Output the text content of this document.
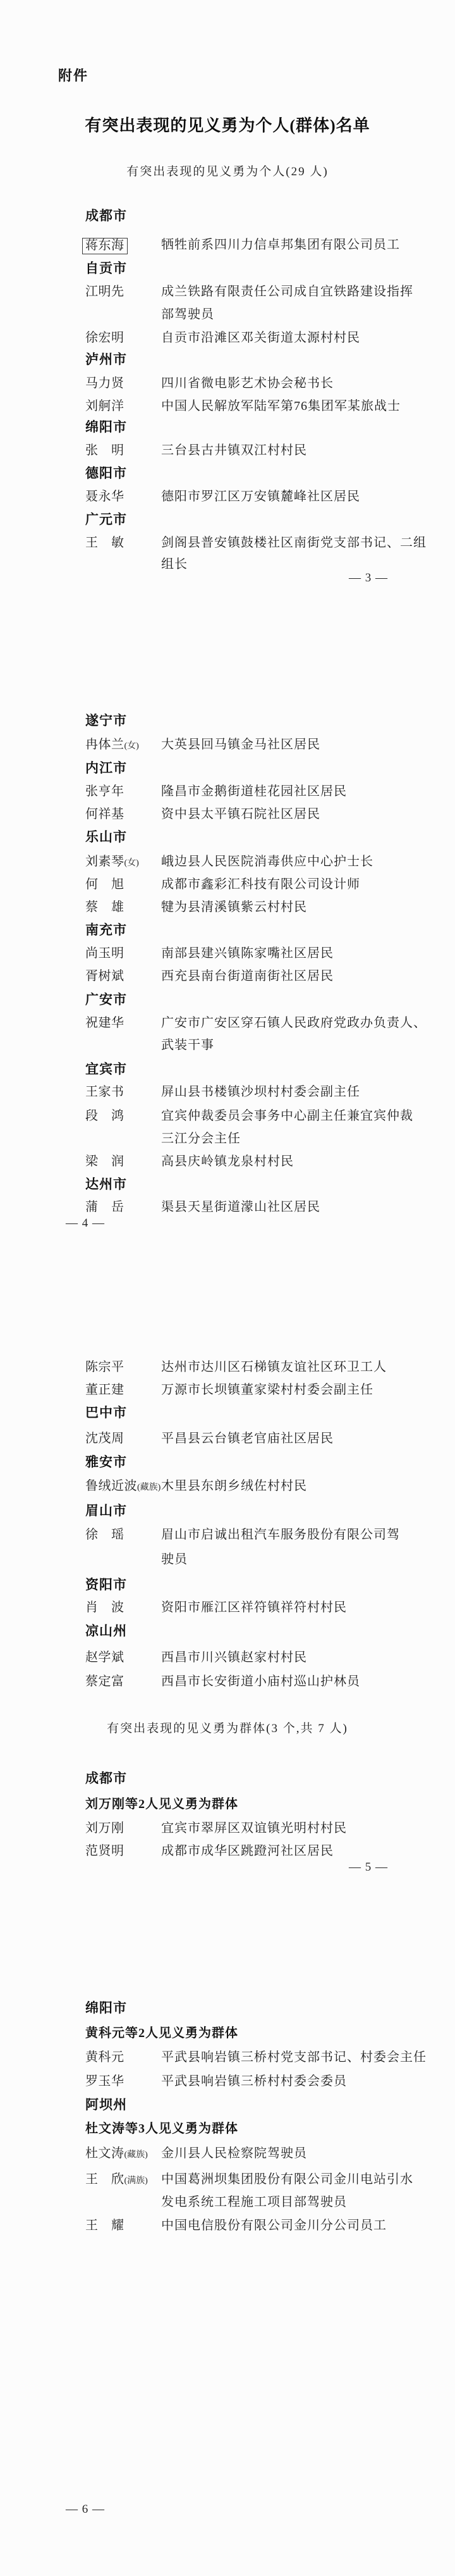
附件
有突出表现的见义勇为个人(群体)名单
有突出表现的见义勇为个人(29 人)
有突出表现的见义勇为群体(3 个,共 7 人)
成都市
蒋东海	牺牲前系四川力信卓邦集团有限公司员工
自贡市
江明先	成兰铁路有限责任公司成自宜铁路建设指挥
部驾驶员
徐宏明	自贡市沿滩区邓关街道太源村村民
泸州市
马力贤	四川省微电影艺术协会秘书长
刘舸洋	中国人民解放军陆军第76集团军某旅战士
绵阳市
张　明	三台县古井镇双江村村民
德阳市
聂永华	德阳市罗江区万安镇麓峰社区居民
广元市
王　敏	剑阁县普安镇鼓楼社区南街党支部书记、二组
组长
— 3 —
遂宁市
冉体兰(女) 大英县回马镇金马社区居民
内江市
张亨年	隆昌市金鹅街道桂花园社区居民
何祥基	资中县太平镇石院社区居民
乐山市
刘素琴(女) 峨边县人民医院消毒供应中心护士长
何　旭	成都市鑫彩汇科技有限公司设计师
蔡　雄	犍为县清溪镇紫云村村民
南充市
尚玉明	南部县建兴镇陈家嘴社区居民
胥树斌	西充县南台街道南街社区居民
广安市
祝建华	广安市广安区穿石镇人民政府党政办负责人、
武装干事
宜宾市
王家书	屏山县书楼镇沙坝村村委会副主任
段　鸿	宜宾仲裁委员会事务中心副主任兼宜宾仲裁
三江分会主任
梁　润	高县庆岭镇龙泉村村民
达州市
蒲　岳	渠县天星街道濛山社区居民
— 4 —
陈宗平	达州市达川区石梯镇友谊社区环卫工人
董正建	万源市长坝镇董家梁村村委会副主任
巴中市
沈茂周	平昌县云台镇老官庙社区居民
雅安市
鲁绒近波(藏族) 木里县东朗乡绒佐村村民
眉山市
徐　瑶	眉山市启诚出租汽车服务股份有限公司驾
驶员
资阳市
肖　波	资阳市雁江区祥符镇祥符村村民
凉山州
赵学斌	西昌市川兴镇赵家村村民
蔡定富	西昌市长安街道小庙村巡山护林员
成都市
刘万刚等2人见义勇为群体
刘万刚	宜宾市翠屏区双谊镇光明村村民
范贤明	成都市成华区跳蹬河社区居民
— 5 —
绵阳市
黄科元等2人见义勇为群体
黄科元	平武县响岩镇三桥村党支部书记、村委会主任
罗玉华	平武县响岩镇三桥村村委会委员
阿坝州
杜文涛等3人见义勇为群体
杜文涛(藏族) 金川县人民检察院驾驶员
王　欣(满族) 中国葛洲坝集团股份有限公司金川电站引水
发电系统工程施工项目部驾驶员
王　耀	中国电信股份有限公司金川分公司员工
— 6 —
